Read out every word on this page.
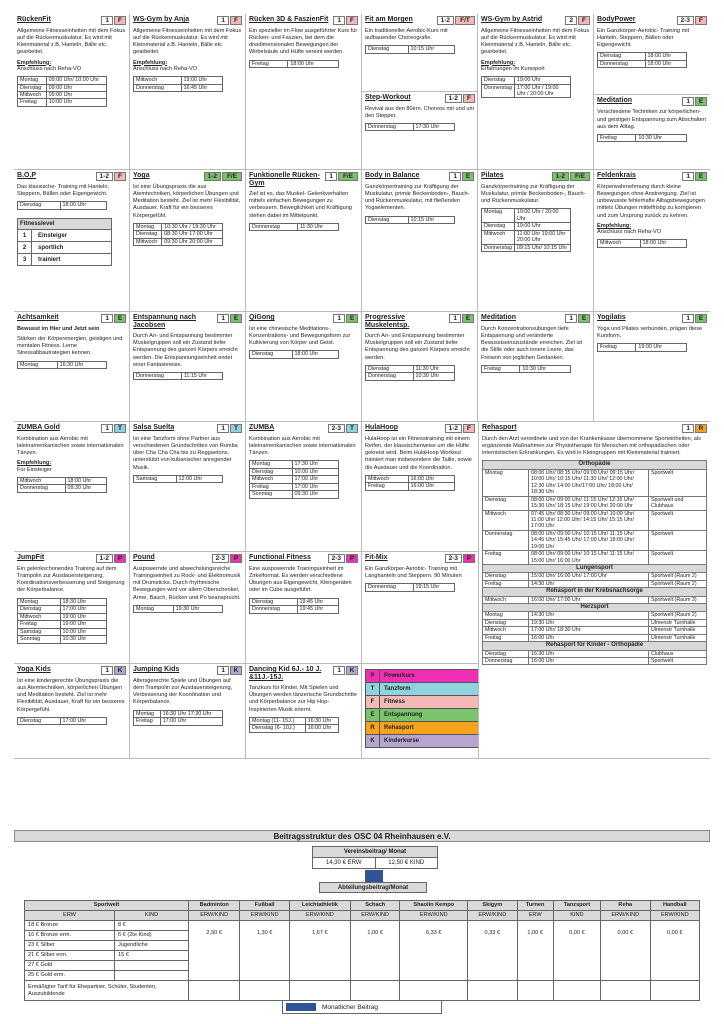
RückenFit	1	F
Allgemeine Fitnesseinheiten mit dem Fokus auf die Rückenmuskulatur. Es wird mit Kleinmaterial z.B. Hanteln, Bälle etc. gearbeitet.
Empfehlung:
Anschluss nach Reha-VO
Montag	09:00 Uhr/ 10:00 Uhr
Dienstag	09:00 Uhr
Mittwoch	09:00 Uhr
Freitag	10:00 Uhr
WS-Gym by Anja	1	F
Allgemeine Fitnesseinheiten mit dem Fokus auf die Rückenmuskulatur. Es wird mit Kleinmaterial z.B. Hanteln, Bälle etc. gearbeitet.
Empfehlung:
Anschluss nach Reha-VO
Mittwoch	19:00 Uhr
Donnerstag	16:45 Uhr
Rücken 3D & FaszienFit	1	F
Ein spezieller im Flow ausgeführter Kurs für Rücken- und Faszien, bei dem die dreidimensionalen Bewegungen der Wirbelsäule und Hüfte vereint werden.
Freitag	18:00 Uhr
Fit am Morgen	1-2	F/T
Ein traditioneller Aerobic-Kurs mit aufbauender Choreografie.
Dienstag	10:15 Uhr
Step-Workout	1-2	F
Revival aus den 80ern. Choreos mit und um den Stepper.
Donnerstag	17:30 Uhr
WS-Gym by Astrid	2	F
Allgemeine Fitnesseinheiten mit dem Fokus auf die Rückenmuskulatur. Es wird mit Kleinmaterial z.B. Hanteln, Bälle etc. gearbeitet.
Empfehlung:
Erfahrungen im Kurssport
Dienstag	19:00 Uhr
Donnerstag	17:00 Uhr / 19:00 Uhr / 20:00 Uhr
BodyPower	2-3	F
Ein Ganzkörper-Aerobic- Training mit Hanteln, Steppern, Bällen oder Eigengewicht.
Dienstag	18:00 Uhr
Donnerstag	18:00 Uhr
Meditation	1	E
Verschiedene Techniken zur körperlichen- und geistigen Entspannung zum Abschalten aus dem Alltag.
Freitag	10:30 Uhr
B.O.P	1-2	F
Das klassische- Training mit Hanteln, Steppern, Bällen oder Eigengewicht.
Dienstag	18:00 Uhr
Fitnesslevel
1	Einsteiger
2	sportlich
3	trainiert
Yoga	1-2	F/E
Ist eine Übungspraxis die aus Atemtechniken, körperlichen Übungen und Meditation besteht. Ziel ist mehr Flexibilität, Ausdauer, Kraft für ein besseres Körpergefühl.
Montag	10:30 Uhr / 19:30 Uhr
Dienstag	08:30 Uhr 17:00 Uhr
Mittwoch	09:30 Uhr 20:00 Uhr
Funktionelle Rücken-Gym
1	F/E
Ziel ist es, das Muskel- Gelenkverhalten mittels einfachen Bewegungen zu verbessern. Beweglichkeit und Kräftigung stehen dabei im Mittelpunkt.
Donnerstag	11:30 Uhr
Body in Balance	1	E
Ganzkörpertraining zur Kräftigung der Muskulatur, primär Beckenboden-, Bauch- und Rückenmuskulatur, mit fließenden Yogaelementen.
Dienstag	10:15 Uhr
Pilates	1-2	F/E
Ganzkörpertraining zur Kräftigung der Muskulatur, primär Beckenboden-, Bauch- und Rückenmuskulatur.
Montag	19:00 Uhr / 20:00 Uhr
Dienstag	19:00 Uhr
Mittwoch	11:00 Uhr 19:00 Uhr 20:00 Uhr
Donnerstag	09:15 Uhr/ 10:15 Uhr
Feldenkrais	1	E
Körperwahrnehmung durch kleine Bewegungen ohne Anstrengung. Ziel ist unbewusste fehlerhafte Alltagsbewegungen mittels Übungen mittelfristig zu korrigieren und zum Ursprung zurück zu kehren.
Empfehlung:
Anschluss nach Reha-VO
Mittwoch	18:00 Uhr
Achtsamkeit	1	E
Bewusst im Hier und Jetzt sein
Stärken der Körperenergien, geistigen und mentalen Fitness. Lerne Stressabbautrategien kennen.
Montag	16:30 Uhr
Entspannung nach Jacobsen
1	E
Durch An- und Entspannung bestimmter Muskelgruppen soll ein Zustand tiefer Entspannung des ganzen Körpers erreicht werden. Die Entspannungseinheit endet einer Fantasiereise.
Donnerstag	11:15 Uhr
QiGong	1	E
Ist eine chinesische Meditations-, Konzentrations- und Bewegungsform zur Kultivierung von Körper und Geist.
Dienstag	18:00 Uhr
Progressive Muskelentsp.
1	E
Durch An- und Entspannung bestimmter Muskelgruppen soll ein Zustand tiefer Entspannung des ganzen Körpers erreicht werden.
Dienstag	11:30 Uhr
Donnerstag	10:30 Uhr
Meditation	1	E
Durch Konzentrationsübungen tiefe Entspannung und veränderte Bewusstseinszustände erreichen. Ziel ist die Stille oder auch innere Leere, das Freisein von jeglichen Gedanken.
Freitag	10:30 Uhr
Yogilatis	1	E
Yoga und Pilates verbunden, prägen diese Kursform.
Freitag	19:00 Uhr
ZUMBA Gold	1	T
Kombination aus Aerobic mit lateinamerikanischen sowie internationalen Tänzen.
Empfehlung:
Für Einsteiger
Mittwoch	18:00 Uhr
Donnerstag	09:30 Uhr
Salsa Suelta	1	T
Ist eine Tanzform ohne Partner aus verschiedenen Grundschritten von Rumba über Cha Cha Cha bis zu Reggaetons, unterstützt von kubanischer anregender Musik.
Samstag	12:00 Uhr
ZUMBA	2-3	T
Kombination aus Aerobic mit lateinamerikanischen sowie internationalen Tänzen.
Montag	17:30 Uhr
Dienstag	10:00 Uhr
Mittwoch	17:00 Uhr
Freitag	17:00 Uhr
Sonntag	09:30 Uhr
HulaHoop	1-2	F
HulaHoop ist ein Fitnesstraining mit einem Reifen, der klassischerweise um die Hüfte gekreist wird. Beim HulaHoop Workout trainiert man insbesondere die Taille, sowie die Ausdauer und die Koordination.
Mittwoch	16:00 Uhr
Freitag	16:00 Uhr
JumpFit	1-2	P
Ein gelenkschonendes Training auf dem Trampolin zur Ausdauersteigerung, Koordinationsverbesserung und Steigerung der Körperbalance.
Montag	18:30 Uhr
Dienstag	17:00 Uhr
Mittwoch	19:00 Uhr
Freitag	19:00 Uhr
Samstag	10:00 Uhr
Sonntag	10:30 Uhr
Pound	2-3	P
Auspowernde und abwechslungsreiche Trainingseinheit zu Rock- und Elektromusik mit Drumsticks. Durch rhythmische Bewegungen wird vor allem Oberschenkel, Arme, Bauch, Rücken und Po beansprucht.
Montag	19:30 Uhr
Functional Fitness	2-3	P
Eine auspowernde Trainingseinheit im Zirkelformat. Es werden verschiedene Übungen aus Eigengewicht, Kleingeräten oder im Cube ausgeführt.
Dienstag	19:45 Uhr
Donnerstag	19:45 Uhr
Fit-Mix	2-3	P
Ein Ganzkörper-Aerobic- Training mit Langhanteln und Steppern. 90 Minuten
Donnerstag	19:15 Uhr
Yoga Kids	1	K
Ist eine kindergerechte Übungspraxis die aus Atemtechniken, körperlichen Übungen und Meditation besteht. Ziel ist mehr Flexibilität, Ausdauer, Kraft für ein besseres Körpergefühl.
Dienstag	17:00 Uhr
Jumping Kids	1	K
Altersgerechte Spiele und Übungen auf dem Trampolin zur Ausdauersteigerung, Verbesserung der Koordination und Körperbalance.
Montag	16:30 Uhr 17:30 Uhr
Freitag	17:00 Uhr
Dancing Kid 6J.- 10 J. &11J.-15J.
1	K
Tanzkurs für Kinder. Mit Spielen und Übungen werden tänzerische Grundschritte und Körperbalance zur Hip Hop- Inspirierten Musik erlernt.
Montag (11- 15J.)	16:30 Uhr
Dienstag (6- 10J.)	16:00 Uhr
P	Powerkurs
T	Tanzform
F	Fitness
E	Entspannung
R	Rehasport
K	Kinderkurse
Rehasport	1	R
Durch den Arzt verordnete und von der Krankenkasse übernommene Sporteinheiten, als ergänzende Maßnahmen zur Physiotherapie für Menschen mit orthopädischen oder internistischen Erkrankungen. Es wird in Kleingruppen mit Kleinmaterial trainiert.
Orthopädie		
Montag	08:00 Uhr/ 08:15 Uhr/ 09:00 Uhr/ 09:15 Uhr/ 10:00 Uhr/ 10:15 Uhr/ 11:30 Uhr/ 12:00 Uhr/ 12:30 Uhr/ 14:00 Uhr/17:00 Uhr/ 18:00 Uhr/ 18:30 Uhr	Sportwelt
Dienstag	08:00 Uhr/ 09:00 Uhr/ 11:15 Uhr/ 12:15 Uhr/ 15:30 Uhr/ 18:15 Uhr/ 19:00 Uhr/ 20:00 Uhr	Sportwelt und Clubhaus
Mittwoch	07:45 Uhr/ 08:30 Uhr/ 09:00 Uhr/ 10:00 Uhr/ 11:00 Uhr/ 12:00 Uhr/ 14:15 Uhr/ 15:15 Uhr/ 17:00 Uhr	Sportwelt
Donnerstag	08:00 Uhr/ 09:00 Uhr/ 10:15 Uhr/ 11:15 Uhr/ 14:45 Uhr/ 15:45 Uhr/ 17:00 Uhr/ 18:00 Uhr/ 19:00 Uhr	Sportwelt
Freitag	08:00 Uhr/ 09:00 Uhr/ 10:15 Uhr/ 11:15 Uhr/ 15:00 Uhr/ 16:00 Uhr	Sportwelt
Lungensport		
Dienstag	15:00 Uhr/ 16:00 Uhr/ 17:00 Uhr	Sportwelt (Raum 2)
Freitag	14:30 Uhr	Sportwelt (Raum 2)
Rehasport in der Krebsnachsorge		
Mittwoch	16:00 Uhr/ 17:00 Uhr	Sportwelt (Raum 3)
Herzsport		
Montag	14:30 Uhr	Sportwelt (Raum 2)
Dienstag	19:30 Uhr	Ulmenstr Turnhalle
Mittwoch	17:00 Uhr/ 18:30 Uhr	Ulmenstr Turnhalle
Freitag	16:00 Uhr	Ulmenstr Turnhalle
Rehasport für Kinder - Orthopädie		
Dienstag	16:30 Uhr	Clubhaus
Donnerstag	16:00 Uhr	Sportwelt
Beitragsstruktur des OSC 04 Rheinhausen e.V.
Vereinsbeitrag/ Monat
14,30 € ERW	12,50 € KIND
Abteilungsbeitrag/Monat
Sportwelt		Badminton	Fußball	Leichtathletik	Schach	Shaolin Kempo	Skigym	Turnen	Tanzsport	Reha	Handball
ERW	KIND	ERW/KIND	ERW/KIND	ERW/KIND	ERW/KIND	ERW/KIND	ERW/KIND	ERW	KIND	ERW/KIND	ERW/KIND
18 € Bronze	8 €	2,50 €	1,30 €	1,67 €	1,00 €	6,33 €	0,33 €	1,00 €	0,00 €	0,00 €	0,00 €
16 € Bronze erm.	6 € (2te Kind)										
23 € Silber	Jugendliche										
21 € Silber erm.	15 €										
27 € Gold											
25 € Gold erm.											
Ermäßigter Tarif für Ehepartner, Schüler, Studenten, Auszubildende											
Monatlicher Beitrag
